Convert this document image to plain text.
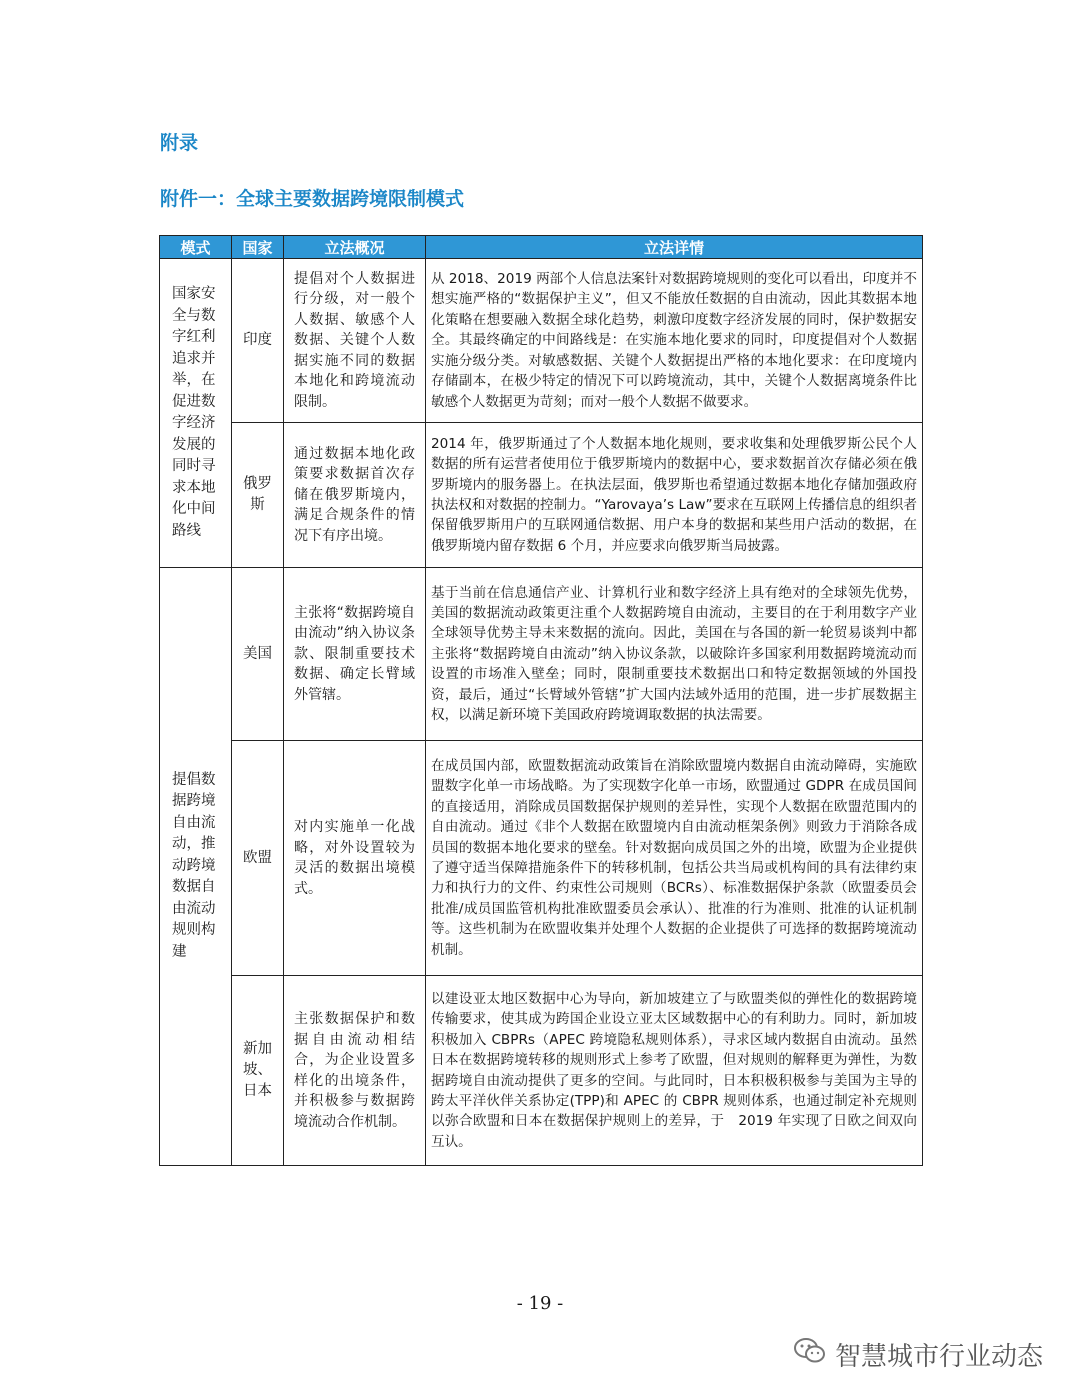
附录
附件一：全球主要数据跨境限制模式
模式	国家	立法概况	立法详情
国家安全与数字红利追求并举，在促进数字经济发展的同时寻求本地化中间路线	印度	提倡对个人数据进行分级，对一般个人数据、敏感个人数据、关键个人数据实施不同的数据本地化和跨境流动限制。	从 2018、2019 两部个人信息法案针对数据跨境规则的变化可以看出，印度并不想实施严格的“数据保护主义”，但又不能放任数据的自由流动，因此其数据本地化策略在想要融入数据全球化趋势，刺激印度数字经济发展的同时，保护数据安全。其最终确定的中间路线是：在实施本地化要求的同时，印度提倡对个人数据实施分级分类。对敏感数据、关键个人数据提出严格的本地化要求：在印度境内存储副本，在极少特定的情况下可以跨境流动，其中，关键个人数据离境条件比敏感个人数据更为苛刻；而对一般个人数据不做要求。
	俄罗斯	通过数据本地化政策要求数据首次存储在俄罗斯境内，满足合规条件的情况下有序出境。	2014 年，俄罗斯通过了个人数据本地化规则，要求收集和处理俄罗斯公民个人数据的所有运营者使用位于俄罗斯境内的数据中心，要求数据首次存储必须在俄罗斯境内的服务器上。在执法层面，俄罗斯也希望通过数据本地化存储加强政府执法权和对数据的控制力。“Yarovaya’s Law”要求在互联网上传播信息的组织者保留俄罗斯用户的互联网通信数据、用户本身的数据和某些用户活动的数据，在俄罗斯境内留存数据 6 个月，并应要求向俄罗斯当局披露。
提倡数据跨境自由流动，推动跨境数据自由流动规则构建	美国	主张将“数据跨境自由流动”纳入协议条款、限制重要技术数据、确定长臂域外管辖。	基于当前在信息通信产业、计算机行业和数字经济上具有绝对的全球领先优势，美国的数据流动政策更注重个人数据跨境自由流动，主要目的在于利用数字产业全球领导优势主导未来数据的流向。因此，美国在与各国的新一轮贸易谈判中都主张将“数据跨境自由流动”纳入协议条款，以破除许多国家利用数据跨境流动而设置的市场准入壁垒；同时，限制重要技术数据出口和特定数据领域的外国投资，最后，通过“长臂域外管辖”扩大国内法域外适用的范围，进一步扩展数据主权，以满足新环境下美国政府跨境调取数据的执法需要。
	欧盟	对内实施单一化战略，对外设置较为灵活的数据出境模式。	在成员国内部，欧盟数据流动政策旨在消除欧盟境内数据自由流动障碍，实施欧盟数字化单一市场战略。为了实现数字化单一市场，欧盟通过 GDPR 在成员国间的直接适用，消除成员国数据保护规则的差异性，实现个人数据在欧盟范围内的自由流动。通过《非个人数据在欧盟境内自由流动框架条例》则致力于消除各成员国的数据本地化要求的壁垒。针对数据向成员国之外的出境，欧盟为企业提供了遵守适当保障措施条件下的转移机制，包括公共当局或机构间的具有法律约束力和执行力的文件、约束性公司规则（BCRs）、标准数据保护条款（欧盟委员会批准/成员国监管机构批准欧盟委员会承认）、批准的行为准则、批准的认证机制等。这些机制为在欧盟收集并处理个人数据的企业提供了可选择的数据跨境流动机制。
	新加坡、日本	主张数据保护和数据自由流动相结合，为企业设置多样化的出境条件，并积极参与数据跨境流动合作机制。	以建设亚太地区数据中心为导向，新加坡建立了与欧盟类似的弹性化的数据跨境传输要求，使其成为跨国企业设立亚太区域数据中心的有利助力。同时，新加坡积极加入 CBPRs（APEC 跨境隐私规则体系），寻求区域内数据自由流动。虽然日本在数据跨境转移的规则形式上参考了欧盟，但对规则的解释更为弹性，为数据跨境自由流动提供了更多的空间。与此同时，日本积极积极参与美国为主导的跨太平洋伙伴关系协定(TPP)和 APEC 的 CBPR 规则体系，也通过制定补充规则以弥合欧盟和日本在数据保护规则上的差异，于　2019 年实现了日欧之间双向互认。
- 19 -
智慧城市行业动态
